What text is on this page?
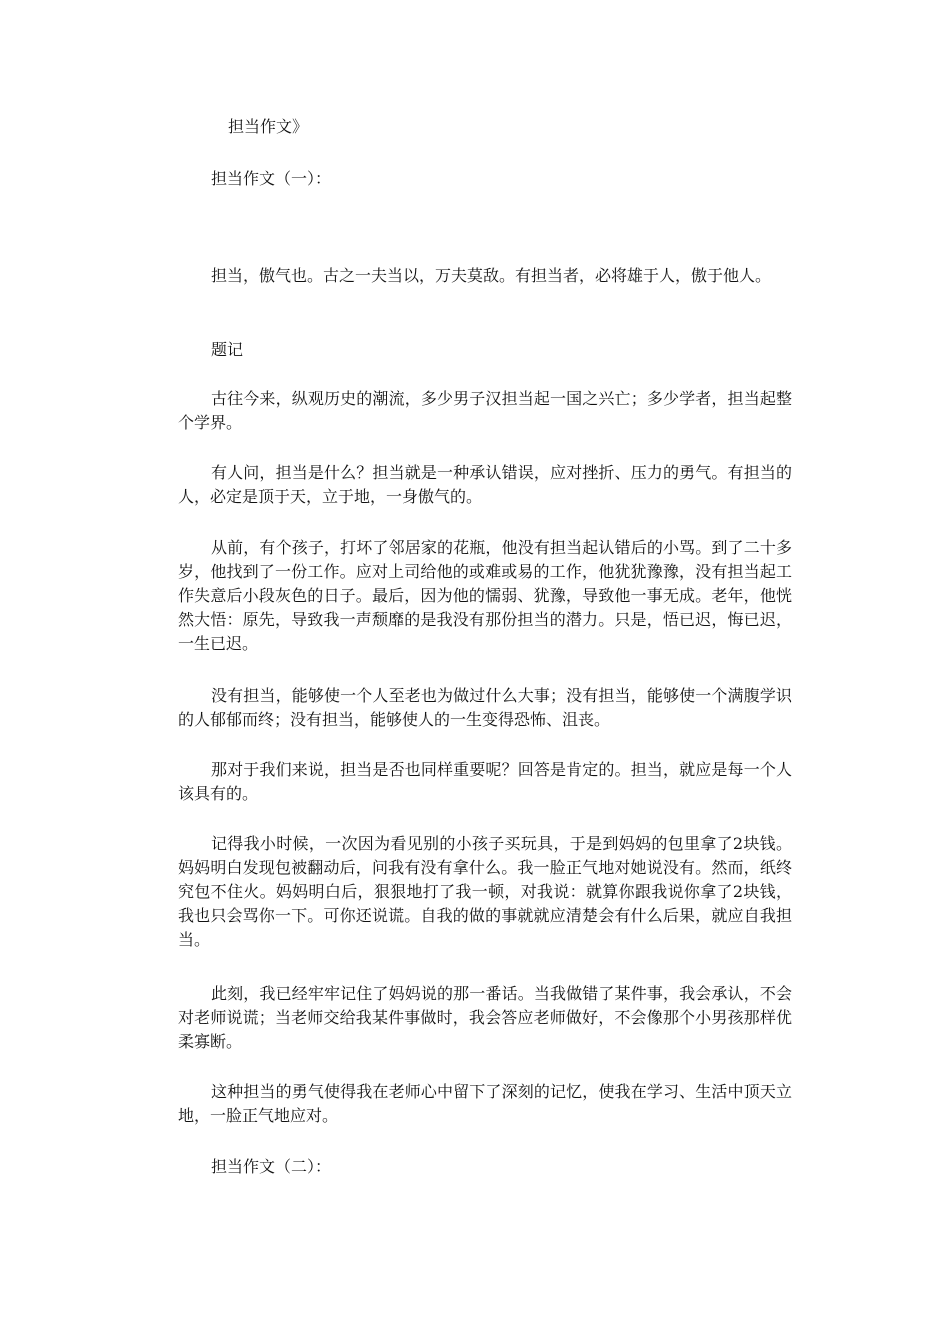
担当作文》

担当作文（一）：

担当，傲气也。古之一夫当以，万夫莫敌。有担当者，必将雄于人，傲于他人。

题记

古往今来，纵观历史的潮流，多少男子汉担当起一国之兴亡；多少学者，担当起整个学界。

有人问，担当是什么？担当就是一种承认错误，应对挫折、压力的勇气。有担当的人，必定是顶于天，立于地，一身傲气的。

从前，有个孩子，打坏了邻居家的花瓶，他没有担当起认错后的小骂。到了二十多岁，他找到了一份工作。应对上司给他的或难或易的工作，他犹犹豫豫，没有担当起工作失意后小段灰色的日子。最后，因为他的懦弱、犹豫，导致他一事无成。老年，他恍然大悟：原先，导致我一声颓靡的是我没有那份担当的潜力。只是，悟已迟，悔已迟，一生已迟。

没有担当，能够使一个人至老也为做过什么大事；没有担当，能够使一个满腹学识的人郁郁而终；没有担当，能够使人的一生变得恐怖、沮丧。

那对于我们来说，担当是否也同样重要呢？回答是肯定的。担当，就应是每一个人该具有的。

记得我小时候，一次因为看见别的小孩子买玩具，于是到妈妈的包里拿了2块钱。妈妈明白发现包被翻动后，问我有没有拿什么。我一脸正气地对她说没有。然而，纸终究包不住火。妈妈明白后，狠狠地打了我一顿，对我说：就算你跟我说你拿了2块钱，我也只会骂你一下。可你还说谎。自我的做的事就就应清楚会有什么后果，就应自我担当。

此刻，我已经牢牢记住了妈妈说的那一番话。当我做错了某件事，我会承认，不会对老师说谎；当老师交给我某件事做时，我会答应老师做好，不会像那个小男孩那样优柔寡断。

这种担当的勇气使得我在老师心中留下了深刻的记忆，使我在学习、生活中顶天立地，一脸正气地应对。

担当作文（二）：
